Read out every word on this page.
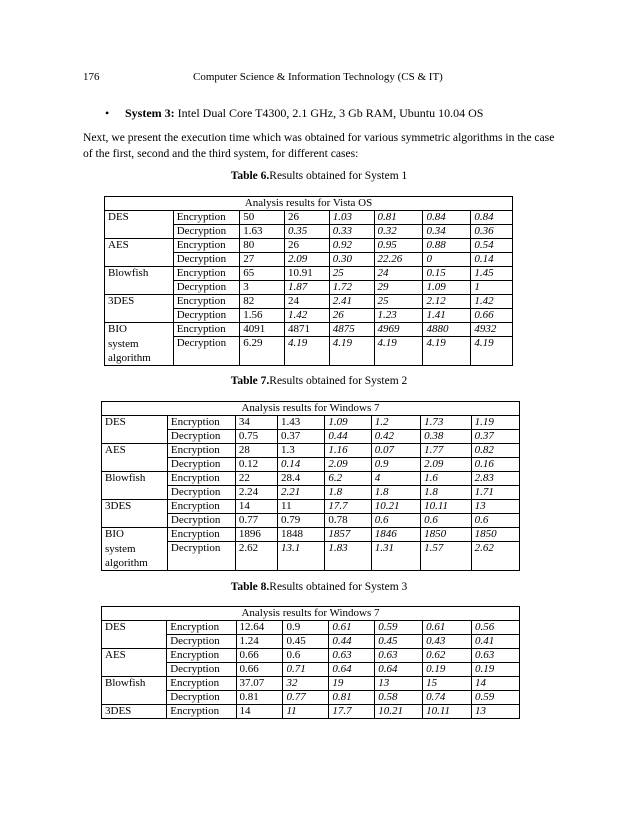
176	Computer Science & Information Technology (CS & IT)
• System 3: Intel Dual Core T4300, 2.1 GHz, 3 Gb RAM, Ubuntu 10.04 OS
Next, we present the execution time which was obtained for various symmetric algorithms in the case of the first, second and the third system, for different cases:
Table 6.Results obtained for System 1
Analysis results for Vista OS							
DES	Encryption	50	26	1.03	0.81	0.84	0.84
	Decryption	1.63	0.35	0.33	0.32	0.34	0.36
AES	Encryption	80	26	0.92	0.95	0.88	0.54
	Decryption	27	2.09	0.30	22.26	0	0.14
Blowfish	Encryption	65	10.91	25	24	0.15	1.45
	Decryption	3	1.87	1.72	29	1.09	1
3DES	Encryption	82	24	2.41	25	2.12	1.42
	Decryption	1.56	1.42	26	1.23	1.41	0.66
BIO	Encryption	4091	4871	4875	4969	4880	4932
system algorithm	Decryption	6.29	4.19	4.19	4.19	4.19	4.19
Table 7.Results obtained for System 2
Analysis results for Windows 7							
DES	Encryption	34	1.43	1.09	1.2	1.73	1.19
	Decryption	0.75	0.37	0.44	0.42	0.38	0.37
AES	Encryption	28	1.3	1.16	0.07	1.77	0.82
	Decryption	0.12	0.14	2.09	0.9	2.09	0.16
Blowfish	Encryption	22	28.4	6.2	4	1.6	2.83
	Decryption	2.24	2.21	1.8	1.8	1.8	1.71
3DES	Encryption	14	11	17.7	10.21	10.11	13
	Decryption	0.77	0.79	0.78	0.6	0.6	0.6
BIO	Encryption	1896	1848	1857	1846	1850	1850
system algorithm	Decryption	2.62	13.1	1.83	1.31	1.57	2.62
Table 8.Results obtained for System 3
Analysis results for Windows 7							
DES	Encryption	12.64	0.9	0.61	0.59	0.61	0.56
	Decryption	1.24	0.45	0.44	0.45	0.43	0.41
AES	Encryption	0.66	0.6	0.63	0.63	0.62	0.63
	Decryption	0.66	0.71	0.64	0.64	0.19	0.19
Blowfish	Encryption	37.07	32	19	13	15	14
	Decryption	0.81	0.77	0.81	0.58	0.74	0.59
3DES	Encryption	14	11	17.7	10.21	10.11	13
